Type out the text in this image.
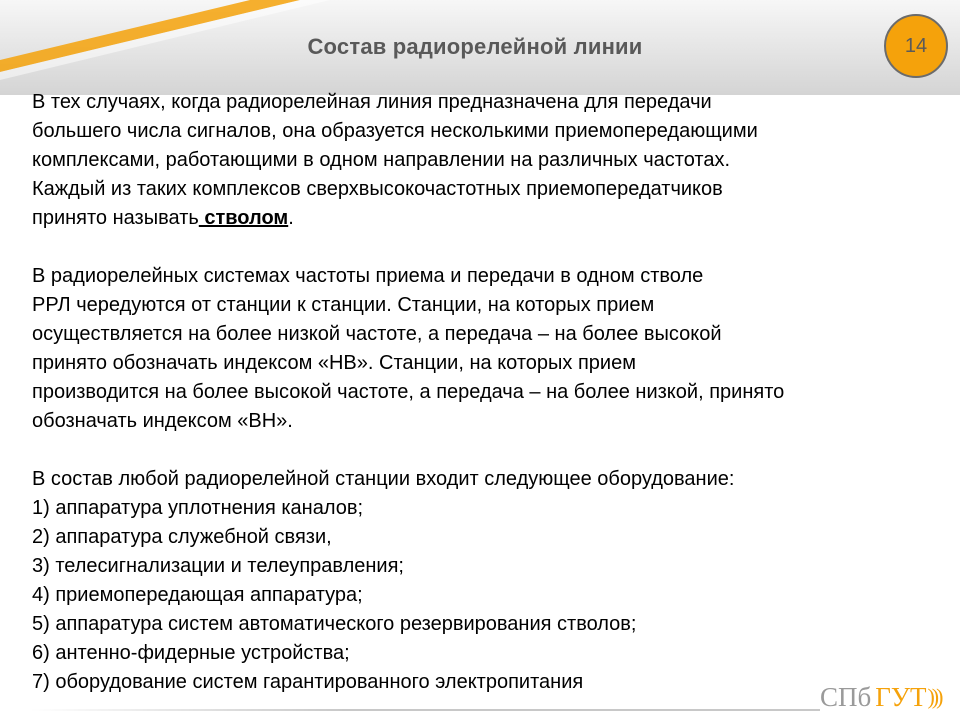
Состав радиорелейной линии	14

В тех случаях, когда радиорелейная линия предназначена для передачи

большего числа сигналов, она образуется несколькими приемопередающими

комплексами, работающими в одном направлении на различных частотах.

Каждый из таких комплексов сверхвысокочастотных приемопередатчиков

принято называть стволом.

В радиорелейных системах частоты приема и передачи в одном стволе

РРЛ чередуются от станции к станции. Станции, на которых прием

осуществляется на более низкой частоте, а передача – на более высокой

принято обозначать индексом «НВ». Станции, на которых прием

производится на более высокой частоте, а передача – на более низкой, принято

обозначать индексом «ВН».

В состав любой радиорелейной станции входит следующее оборудование:

1) аппаратура уплотнения каналов;

2) аппаратура служебной связи,

3) телесигнализации и телеуправления;

4) приемопередающая аппаратура;

5) аппаратура систем автоматического резервирования стволов;

6) антенно-фидерные устройства;

7) оборудование систем гарантированного электропитания	СПб ГУТ )))
